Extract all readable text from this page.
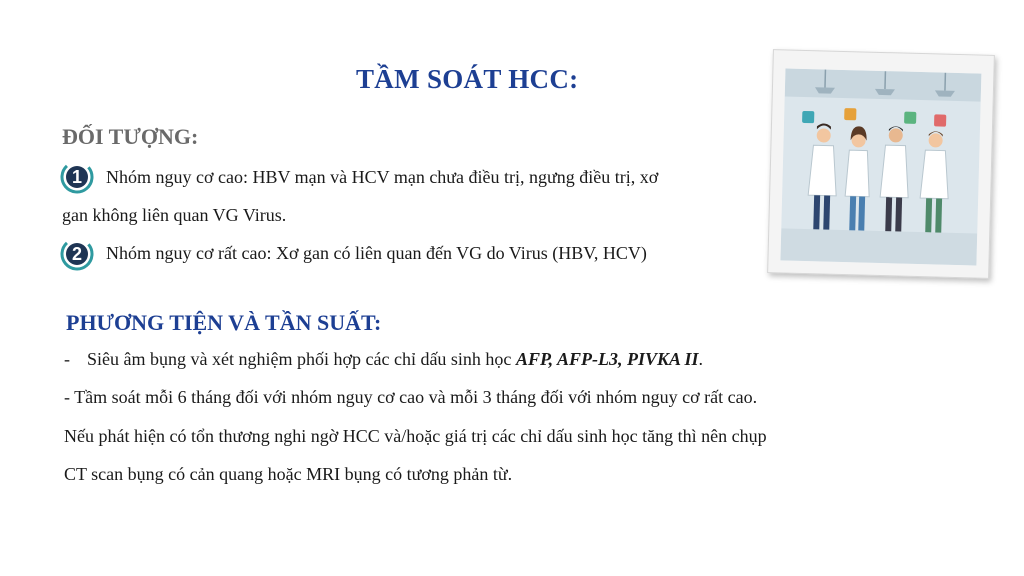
TẦM SOÁT HCC:
ĐỐI TƯỢNG:
1 Nhóm nguy cơ cao: HBV mạn và HCV mạn chưa điều trị, ngưng điều trị, xơ
gan không liên quan VG Virus.
2 Nhóm nguy cơ rất cao: Xơ gan có liên quan đến VG do Virus (HBV, HCV)
PHƯƠNG TIỆN VÀ TẦN SUẤT:
- Siêu âm bụng và xét nghiệm phối hợp các chỉ dấu sinh học AFP, AFP-L3, PIVKA II.
- Tầm soát mỗi 6 tháng đối với nhóm nguy cơ cao và mỗi 3 tháng đối với nhóm nguy cơ rất cao.
Nếu phát hiện có tổn thương nghi ngờ HCC và/hoặc giá trị các chỉ dấu sinh học tăng thì nên chụp
CT scan bụng có cản quang hoặc MRI bụng có tương phản từ.
